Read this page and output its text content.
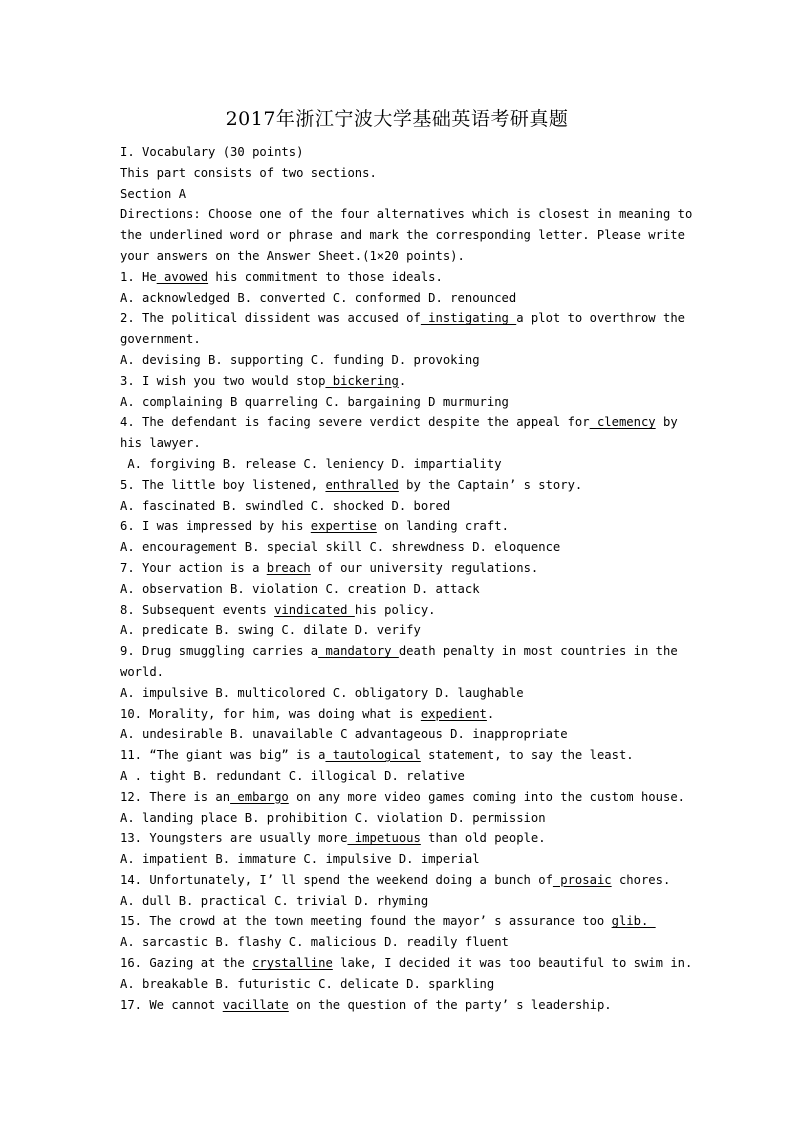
2017年浙江宁波大学基础英语考研真题
I. Vocabulary (30 points)
This part consists of two sections.
Section A
Directions: Choose one of the four alternatives which is closest in meaning to
the underlined word or phrase and mark the corresponding letter. Please write
your answers on the Answer Sheet.(1×20 points).
1. He avowed his commitment to those ideals.
A. acknowledged B. converted C. conformed D. renounced
2. The political dissident was accused of instigating a plot to overthrow the
government.
A. devising B. supporting C. funding D. provoking
3. I wish you two would stop bickering.
A. complaining B quarreling C. bargaining D murmuring
4. The defendant is facing severe verdict despite the appeal for clemency by
his lawyer.
A. forgiving B. release C. leniency D. impartiality
5. The little boy listened, enthralled by the Captain’ s story.
A. fascinated B. swindled C. shocked D. bored
6. I was impressed by his expertise on landing craft.
A. encouragement B. special skill C. shrewdness D. eloquence
7. Your action is a breach of our university regulations.
A. observation B. violation C. creation D. attack
8. Subsequent events vindicated his policy.
A. predicate B. swing C. dilate D. verify
9. Drug smuggling carries a mandatory death penalty in most countries in the
world.
A. impulsive B. multicolored C. obligatory D. laughable
10. Morality, for him, was doing what is expedient.
A. undesirable B. unavailable C advantageous D. inappropriate
11. “The giant was big” is a tautological statement, to say the least.
A . tight B. redundant C. illogical D. relative
12. There is an embargo on any more video games coming into the custom house.
A. landing place B. prohibition C. violation D. permission
13. Youngsters are usually more impetuous than old people.
A. impatient B. immature C. impulsive D. imperial
14. Unfortunately, I’ ll spend the weekend doing a bunch of prosaic chores.
A. dull B. practical C. trivial D. rhyming
15. The crowd at the town meeting found the mayor’ s assurance too glib.
A. sarcastic B. flashy C. malicious D. readily fluent
16. Gazing at the crystalline lake, I decided it was too beautiful to swim in.
A. breakable B. futuristic C. delicate D. sparkling
17. We cannot vacillate on the question of the party’ s leadership.
